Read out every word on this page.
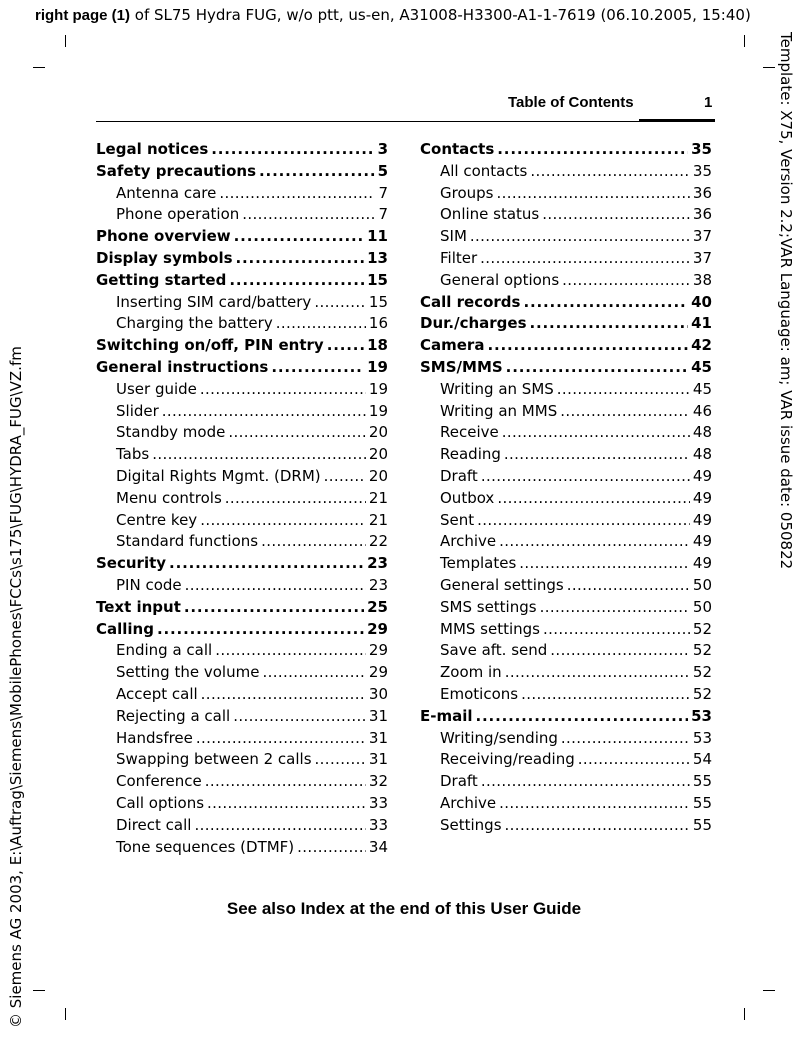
right page (1) of SL75 Hydra FUG, w/o ptt, us-en, A31008-H3300-A1-1-7619 (06.10.2005, 15:40)
Template: X75, Version 2.2;VAR Language: am; VAR issue date: 050822
© Siemens AG 2003, E:\Auftrag\Siemens\MobilePhones\FCCs\s175\FUG\HYDRA_FUG\VZ.fm
Table of Contents	1
Legal notices . . .	3
Safety precautions . . .	5
Antenna care . . .	7
Phone operation . . .	7
Phone overview . . .	11
Display symbols . . .	13
Getting started . . .	15
Inserting SIM card/battery . . .	15
Charging the battery . . .	16
Switching on/off, PIN entry . . .	18
General instructions . . .	19
User guide . . .	19
Slider . . .	19
Standby mode . . .	20
Tabs . . .	20
Digital Rights Mgmt. (DRM) . . .	20
Menu controls . . .	21
Centre key . . .	21
Standard functions . . .	22
Security . . .	23
PIN code . . .	23
Text input . . .	25
Calling . . .	29
Ending a call . . .	29
Setting the volume . . .	29
Accept call . . .	30
Rejecting a call . . .	31
Handsfree . . .	31
Swapping between 2 calls . . .	31
Conference . . .	32
Call options . . .	33
Direct call . . .	33
Tone sequences (DTMF) . . .	34
Contacts . . .	35
All contacts . . .	35
Groups . . .	36
Online status . . .	36
SIM . . .	37
Filter . . .	37
General options . . .	38
Call records . . .	40
Dur./charges . . .	41
Camera . . .	42
SMS/MMS . . .	45
Writing an SMS . . .	45
Writing an MMS . . .	46
Receive . . .	48
Reading . . .	48
Draft . . .	49
Outbox . . .	49
Sent . . .	49
Archive . . .	49
Templates . . .	49
General settings . . .	50
SMS settings . . .	50
MMS settings . . .	52
Save aft. send . . .	52
Zoom in . . .	52
Emoticons . . .	52
E-mail . . .	53
Writing/sending . . .	53
Receiving/reading . . .	54
Draft . . .	55
Archive . . .	55
Settings . . .	55
See also Index at the end of this User Guide
